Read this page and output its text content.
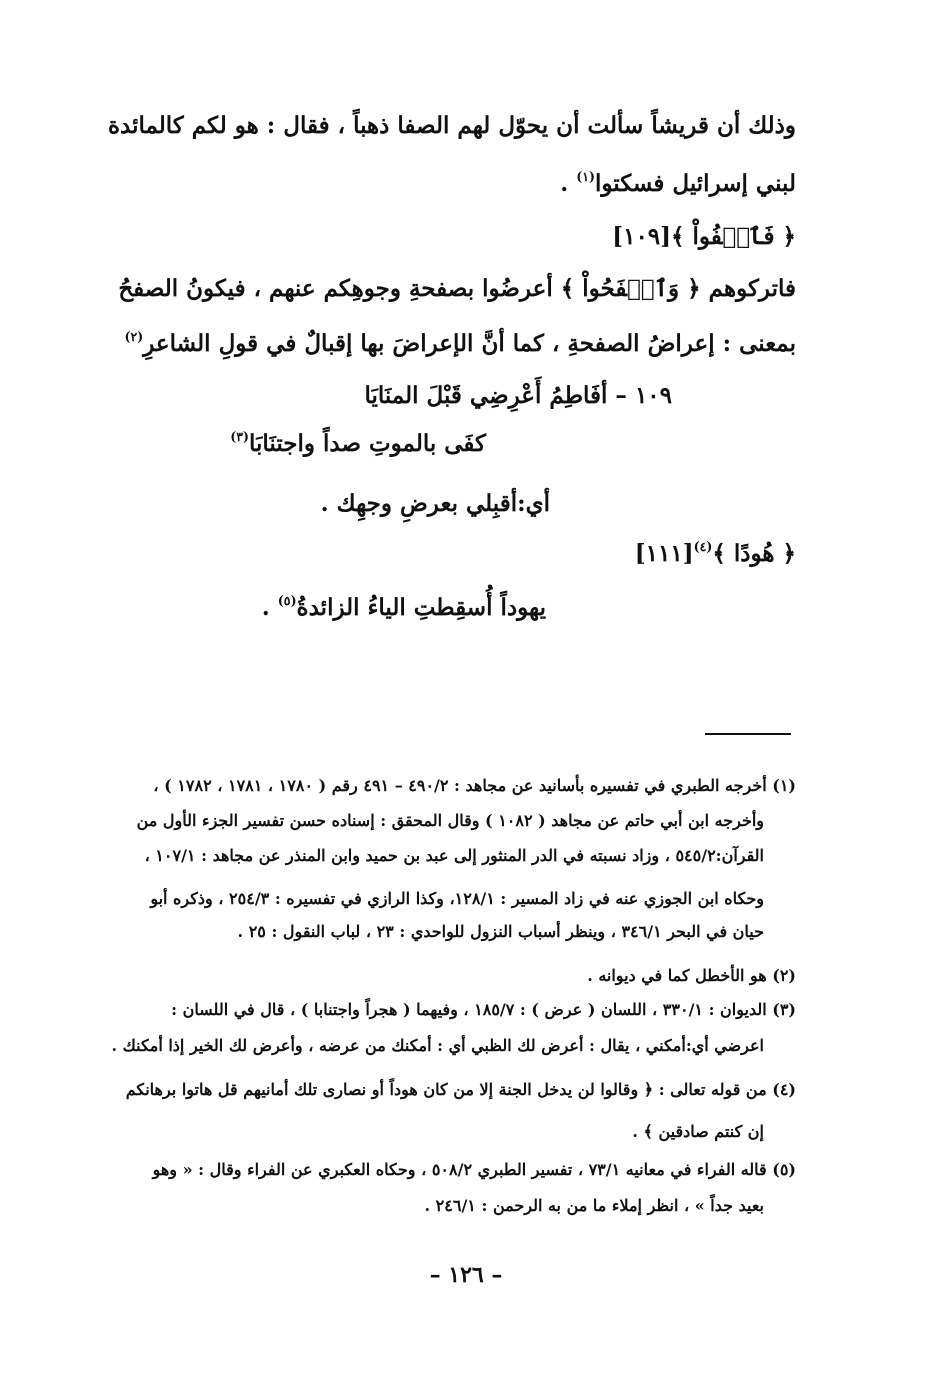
وذلك أن قريشاً سألت أن يحوّل لهم الصفا ذهباً ، فقال : هو لكم كالمائدة

لبني إسرائيل فسكتوا$^{(١)}$ .

﴿ فَٱعۡفُواْ ﴾[١٠٩]

فاتركوهم ﴿ وَٱصۡفَحُواْ ﴾ أعرضُوا بصفحةِ وجوهِكم عنهم ، فيكونُ الصفحُ

بمعنى : إعراضُ الصفحةِ ، كما أنَّ الإعراضَ بها إقبالٌ في قولِ الشاعرِ$^{(٢)}$

١٠٩ – أفَاطِمُ أَعْرِضِي قَبْلَ المنَايَا

كفَى بالموتِ صداً واجتنَابَا$^{(٣)}$

أي:أقبِلي بعرضِ وجهِك .

﴿ هُودًا ﴾$^{(٤)}$[١١١]

يهوداً أُسقِطتِ الياءُ الزائدةُ$^{(٥)}$ .

(١) أخرجه الطبري في تفسيره بأسانيد عن مجاهد : ٤٩٠/٢ – ٤٩١ رقم ( ١٧٨٠ ، ١٧٨١ ، ١٧٨٢ ) ،

وأخرجه ابن أبي حاتم عن مجاهد ( ١٠٨٢ ) وقال المحقق : إسناده حسن تفسير الجزء الأول من

القرآن:٥٤٥/٢ ، وزاد نسبته في الدر المنثور إلى عبد بن حميد وابن المنذر عن مجاهد : ١٠٧/١ ،

وحكاه ابن الجوزي عنه في زاد المسير : ١٢٨/١، وكذا الرازي في تفسيره : ٢٥٤/٣ ، وذكره أبو

حيان في البحر ٣٤٦/١ ، وينظر أسباب النزول للواحدي : ٢٣ ، لباب النقول : ٢٥ .

(٢) هو الأخطل كما في ديوانه .

(٣) الديوان : ٣٣٠/١ ، اللسان ( عرض ) : ١٨٥/٧ ، وفيهما ( هجراً واجتنابا ) ، قال في اللسان :

اعرضي أي:أمكني ، يقال : أعرض لك الظبي أي : أمكنك من عرضه ، وأعرض لك الخير إذا أمكنك .

(٤) من قوله تعالى : ﴿ وقالوا لن يدخل الجنة إلا من كان هوداً أو نصارى تلك أمانيهم قل هاتوا برهانكم

إن كنتم صادقين ﴾ .

(٥) قاله الفراء في معانيه ٧٣/١ ، تفسير الطبري ٥٠٨/٢ ، وحكاه العكبري عن الفراء وقال : « وهو

بعيد جداً » ، انظر إملاء ما من به الرحمن : ٢٤٦/١ .

– ١٢٦ –
